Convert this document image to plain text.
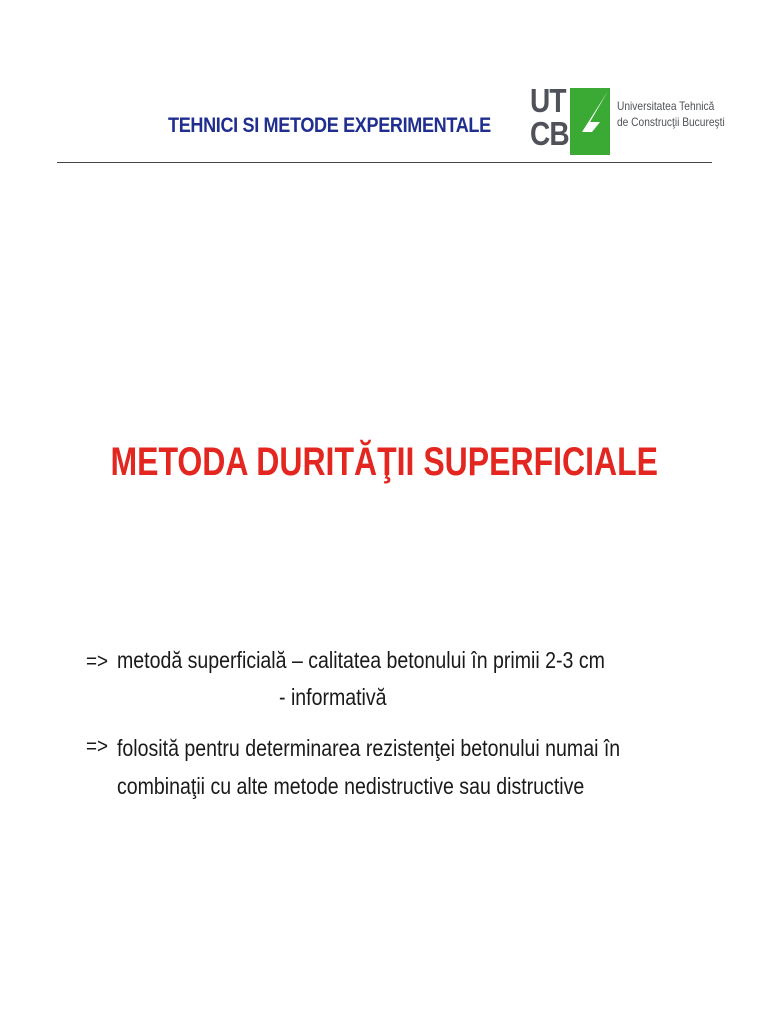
TEHNICI SI METODE EXPERIMENTALE
UT
CB
Universitatea Tehnică
de Construcţii Bucureşti
METODA DURITĂŢII SUPERFICIALE
=> metodă superficială – calitatea betonului în primii 2-3 cm
- informativă
=> folosită pentru determinarea rezistenţei betonului numai în
combinaţii cu alte metode nedistructive sau distructive
